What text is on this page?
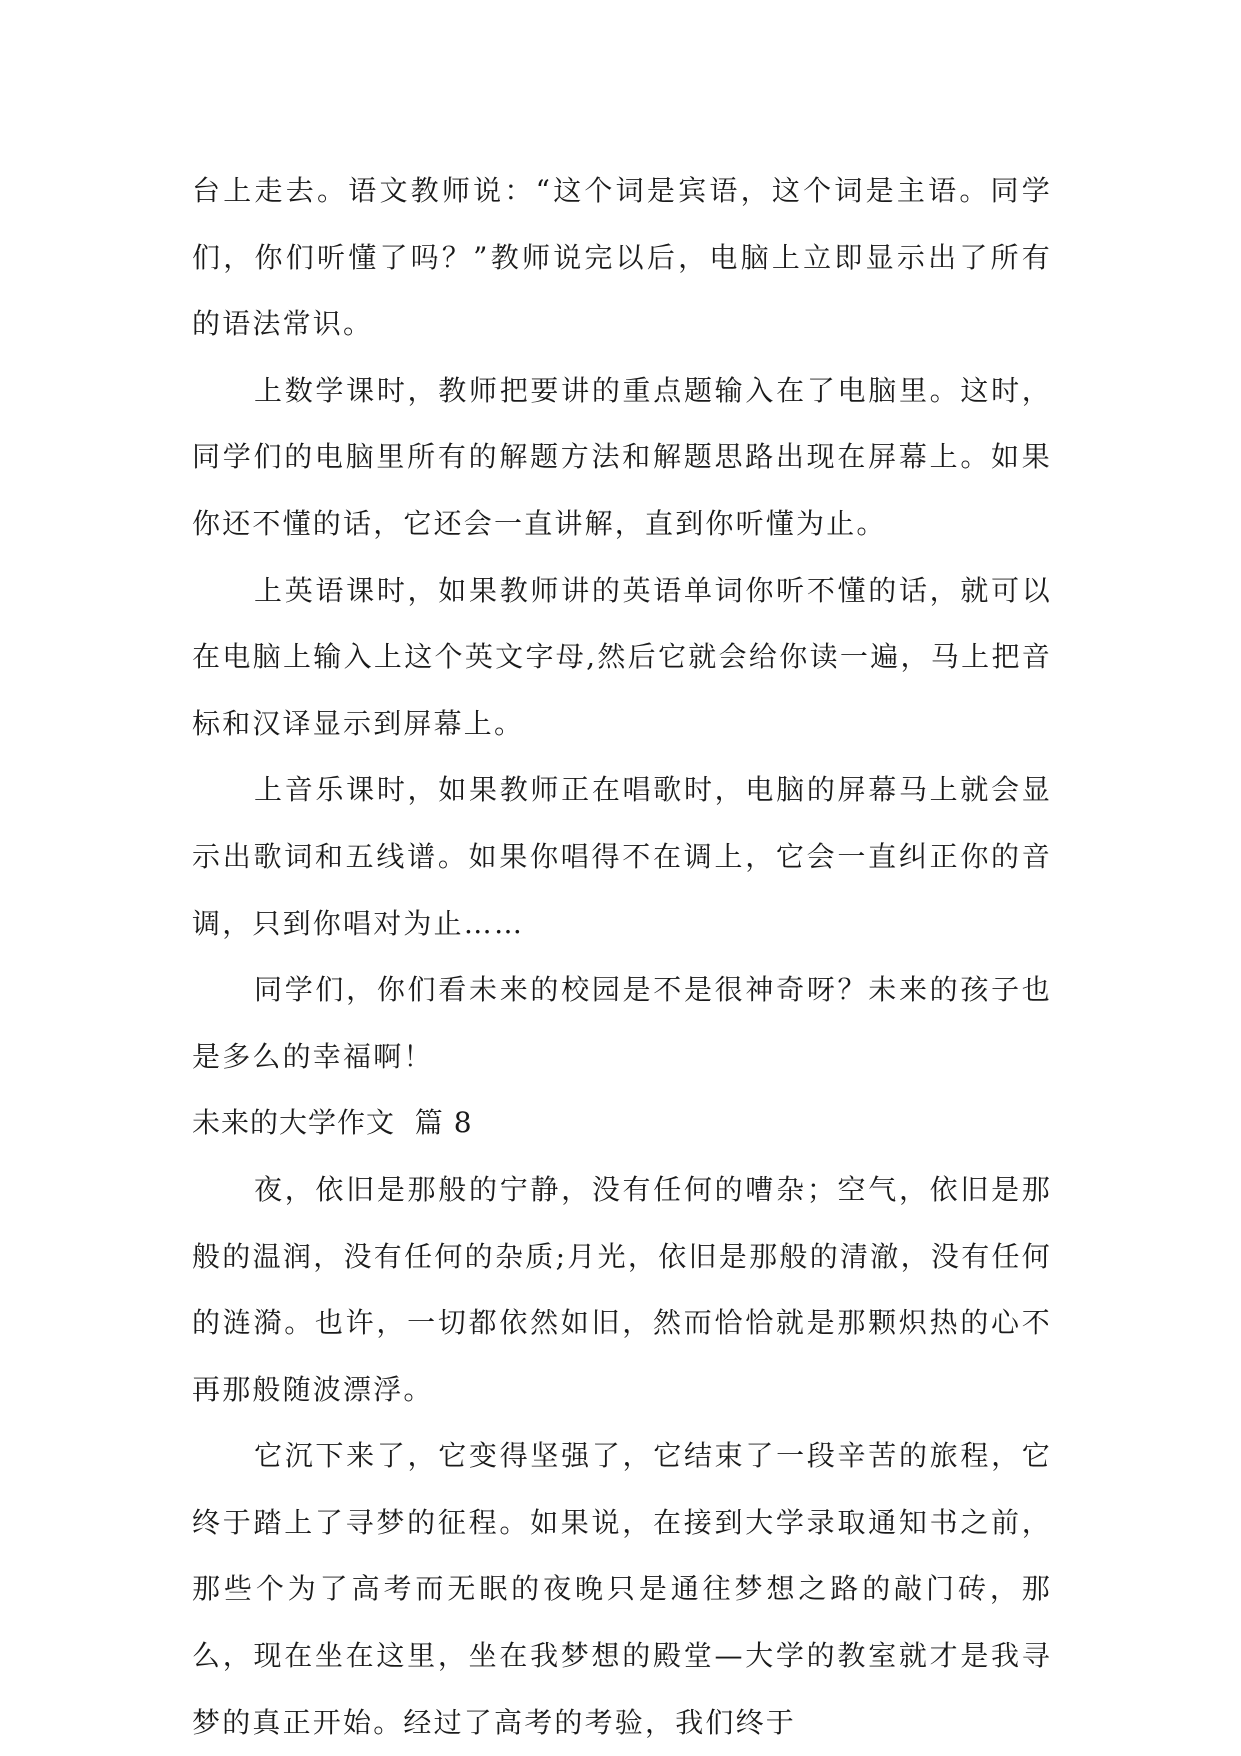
台上走去。语文教师说：“这个词是宾语，这个词是主语。同学们，你们听懂了吗？”教师说完以后，电脑上立即显示出了所有的语法常识。

上数学课时，教师把要讲的重点题输入在了电脑里。这时，同学们的电脑里所有的解题方法和解题思路出现在屏幕上。如果你还不懂的话，它还会一直讲解，直到你听懂为止。

上英语课时，如果教师讲的英语单词你听不懂的话，就可以在电脑上输入上这个英文字母,然后它就会给你读一遍，马上把音标和汉译显示到屏幕上。

上音乐课时，如果教师正在唱歌时，电脑的屏幕马上就会显示出歌词和五线谱。如果你唱得不在调上，它会一直纠正你的音调，只到你唱对为止……

同学们，你们看未来的校园是不是很神奇呀？未来的孩子也是多么的幸福啊！

未来的大学作文  篇 8

夜，依旧是那般的宁静，没有任何的嘈杂；空气，依旧是那般的温润，没有任何的杂质;月光，依旧是那般的清澈，没有任何的涟漪。也许，一切都依然如旧，然而恰恰就是那颗炽热的心不再那般随波漂浮。

它沉下来了，它变得坚强了，它结束了一段辛苦的旅程，它终于踏上了寻梦的征程。如果说，在接到大学录取通知书之前，那些个为了高考而无眠的夜晚只是通往梦想之路的敲门砖，那么，现在坐在这里，坐在我梦想的殿堂—大学的教室就才是我寻梦的真正开始。经过了高考的考验，我们终于
